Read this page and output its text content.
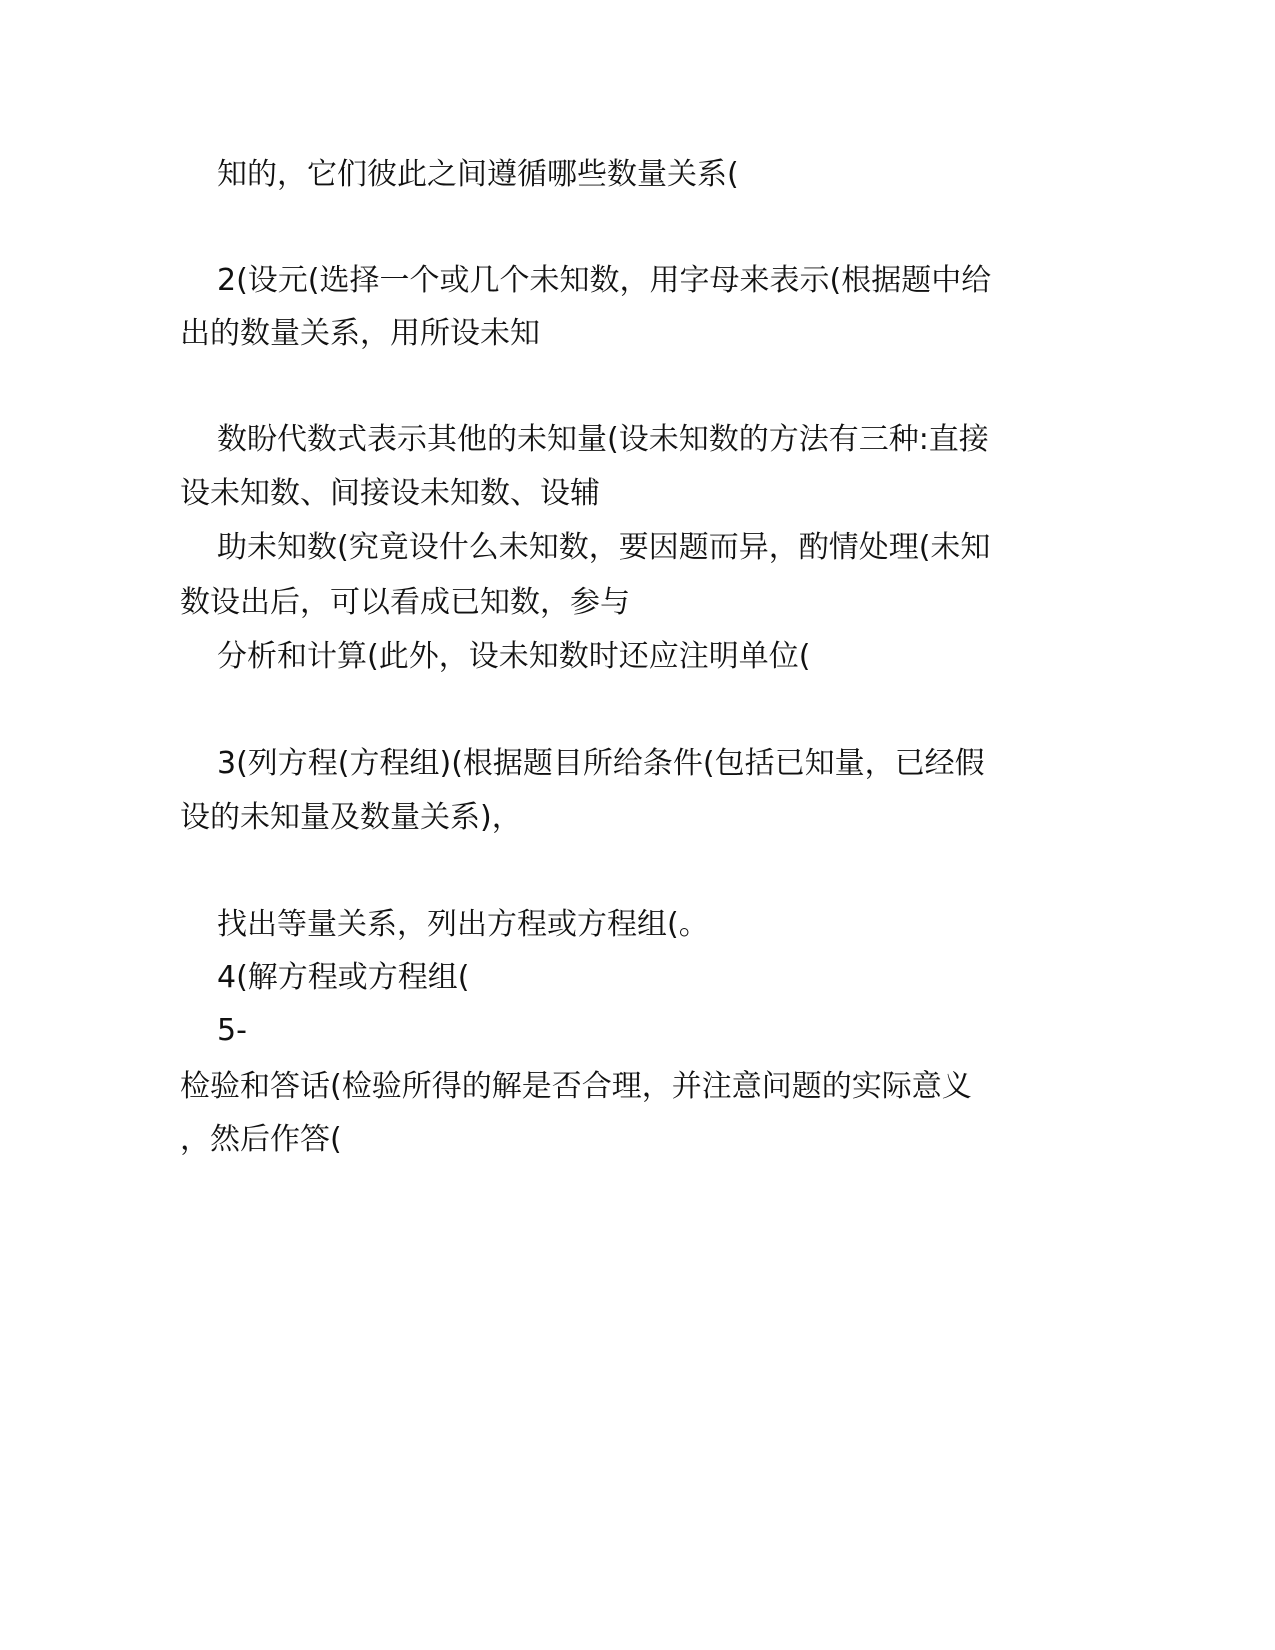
知的，它们彼此之间遵循哪些数量关系(
2(设元(选择一个或几个未知数，用字母来表示(根据题中给
出的数量关系，用所设未知
数盼代数式表示其他的未知量(设未知数的方法有三种:直接
设未知数、间接设未知数、设辅
助未知数(究竟设什么未知数，要因题而异，酌情处理(未知
数设出后，可以看成已知数，参与
分析和计算(此外，设未知数时还应注明单位(
3(列方程(方程组)(根据题目所给条件(包括已知量，已经假
设的未知量及数量关系)，
找出等量关系，列出方程或方程组(。
4(解方程或方程组(
5-
检验和答话(检验所得的解是否合理，并注意问题的实际意义
，然后作答(
